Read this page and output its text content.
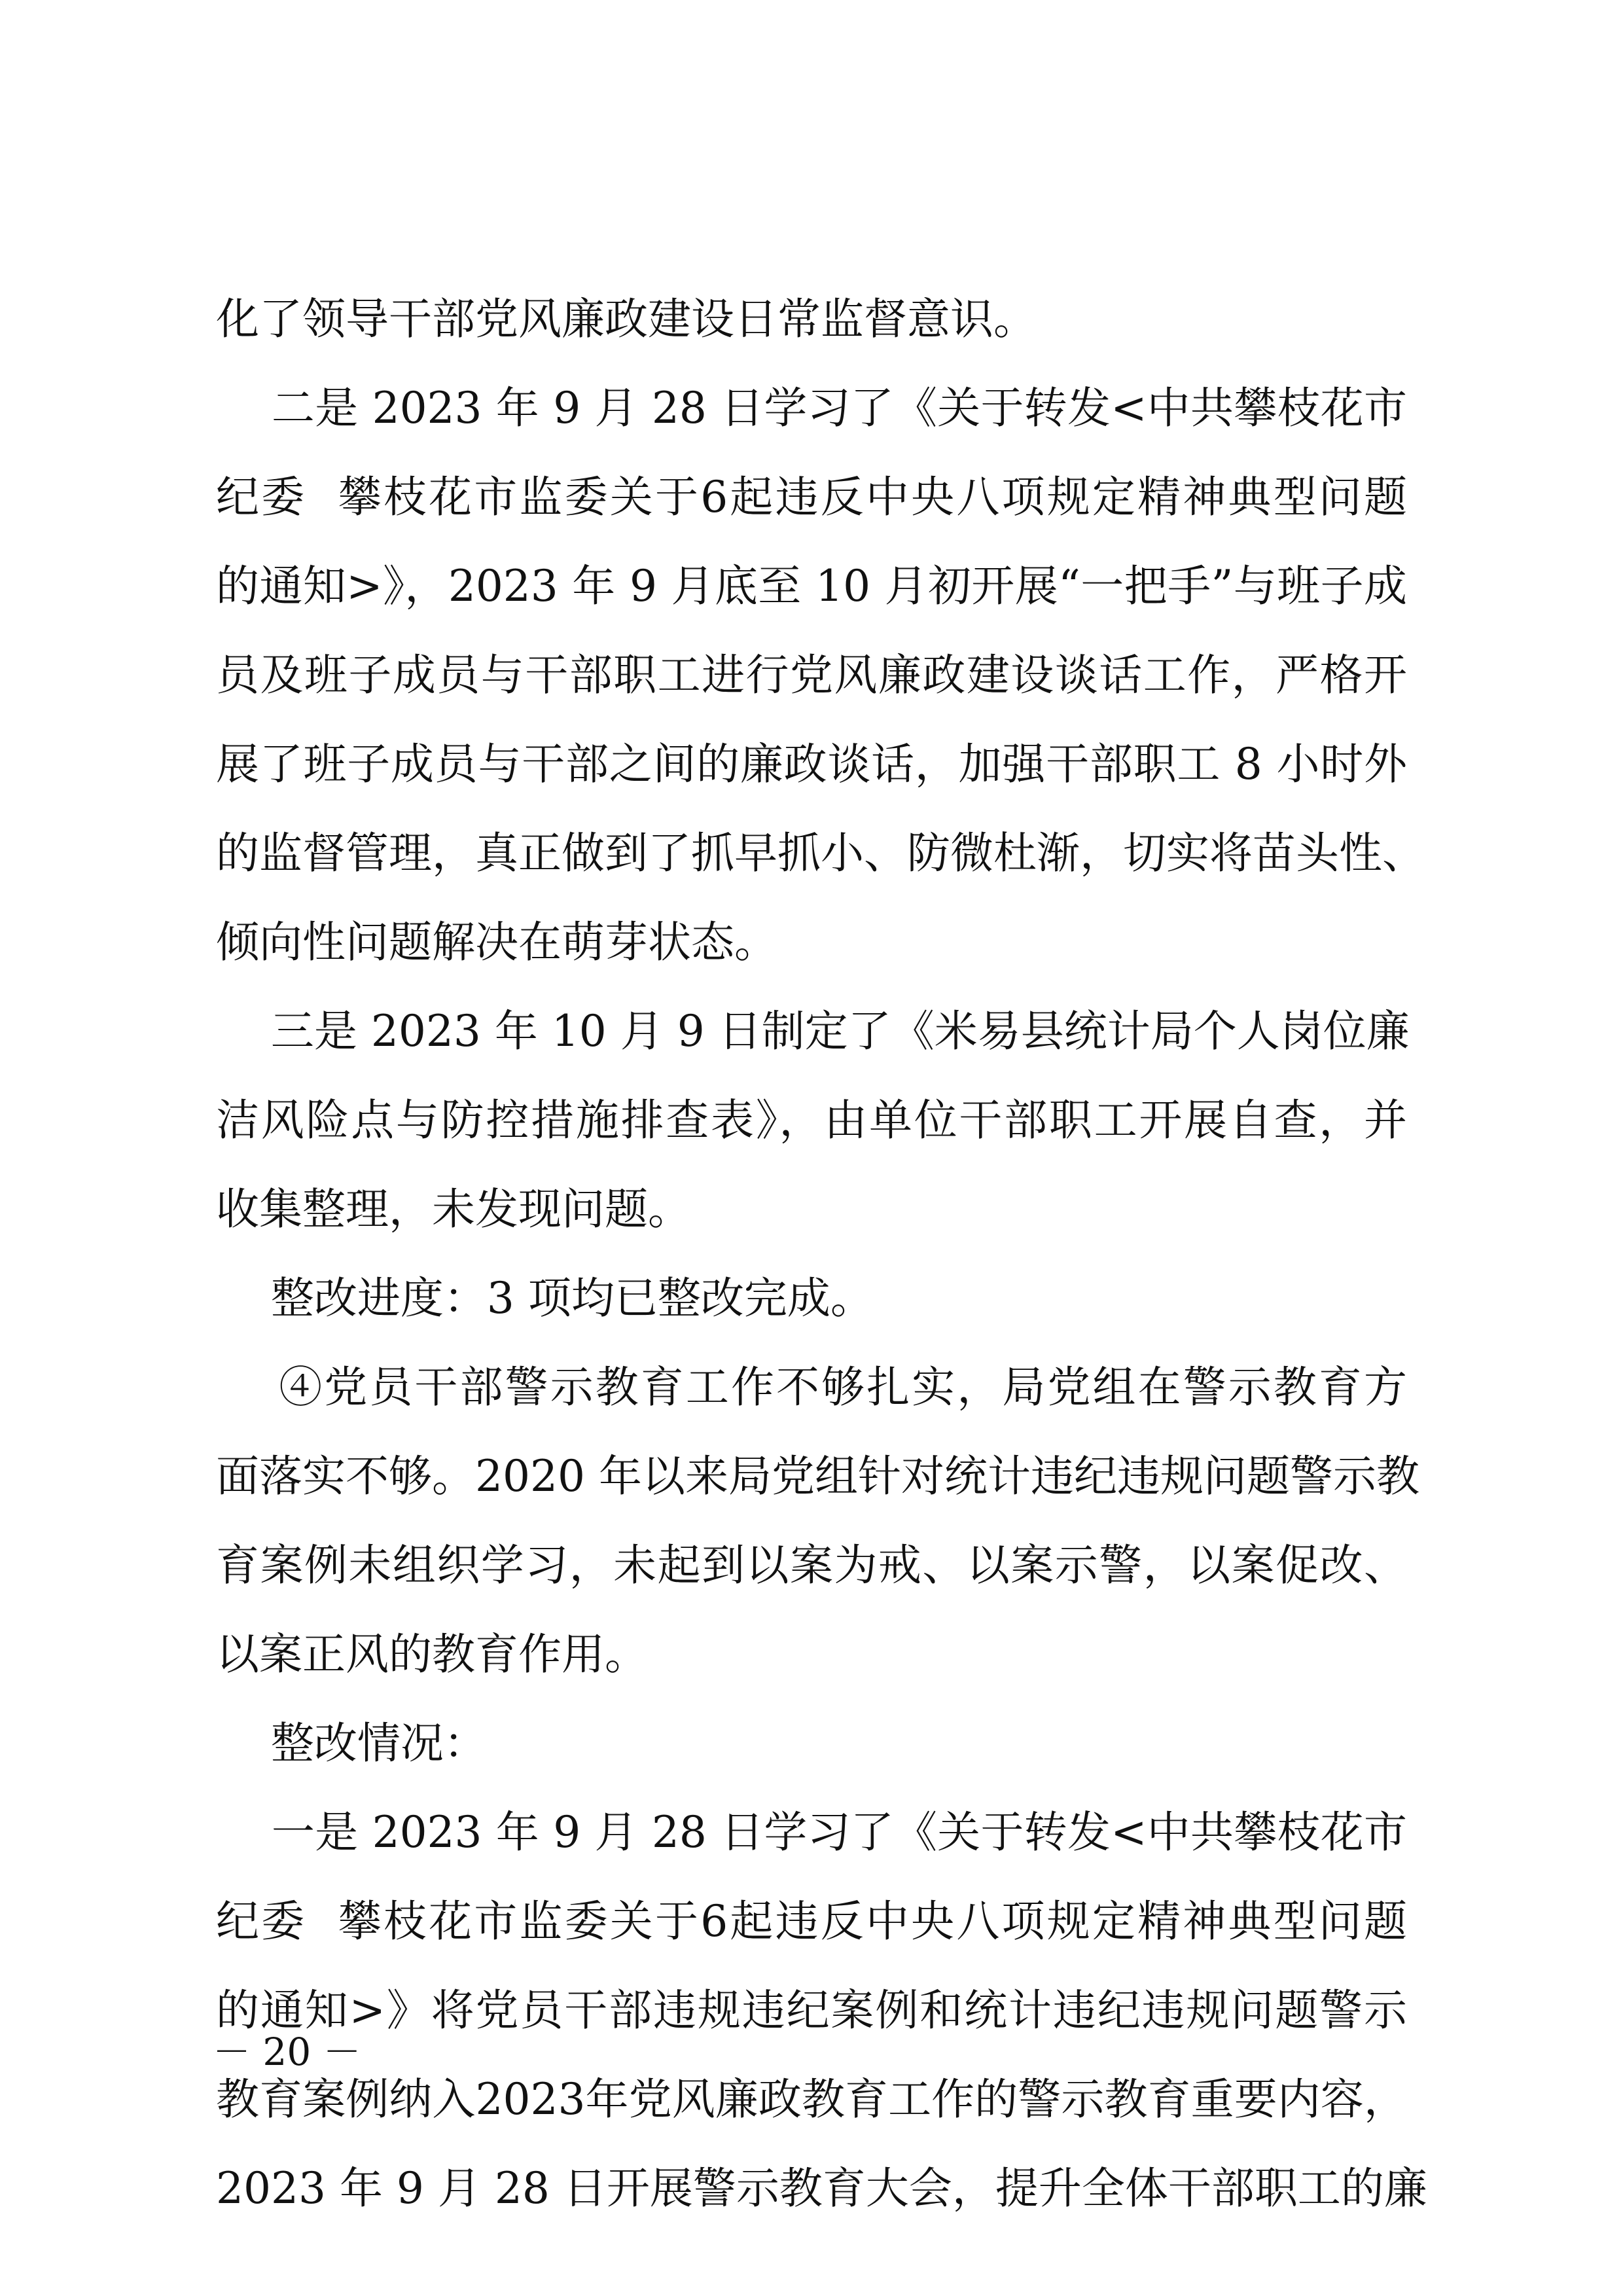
化了领导干部党风廉政建设日常监督意识。
二是 2023 年 9 月 28 日学习了《关于转发<中共攀枝花市
纪委  攀枝花市监委关于6起违反中央八项规定精神典型问题
的通知>》，2023 年 9 月底至 10 月初开展“一把手”与班子成
员及班子成员与干部职工进行党风廉政建设谈话工作，严格开
展了班子成员与干部之间的廉政谈话，加强干部职工 8 小时外
的监督管理，真正做到了抓早抓小、防微杜渐，切实将苗头性、
倾向性问题解决在萌芽状态。
三是 2023 年 10 月 9 日制定了《米易县统计局个人岗位廉
洁风险点与防控措施排查表》，由单位干部职工开展自查，并
收集整理，未发现问题。
整改进度：3 项均已整改完成。
④党员干部警示教育工作不够扎实，局党组在警示教育方
面落实不够。2020 年以来局党组针对统计违纪违规问题警示教
育案例未组织学习，未起到以案为戒、以案示警，以案促改、
以案正风的教育作用。
整改情况：
一是 2023 年 9 月 28 日学习了《关于转发<中共攀枝花市
纪委  攀枝花市监委关于6起违反中央八项规定精神典型问题
的通知>》将党员干部违规违纪案例和统计违纪违规问题警示
教育案例纳入2023年党风廉政教育工作的警示教育重要内容，
2023 年 9 月 28 日开展警示教育大会，提升全体干部职工的廉
－ 20 －
